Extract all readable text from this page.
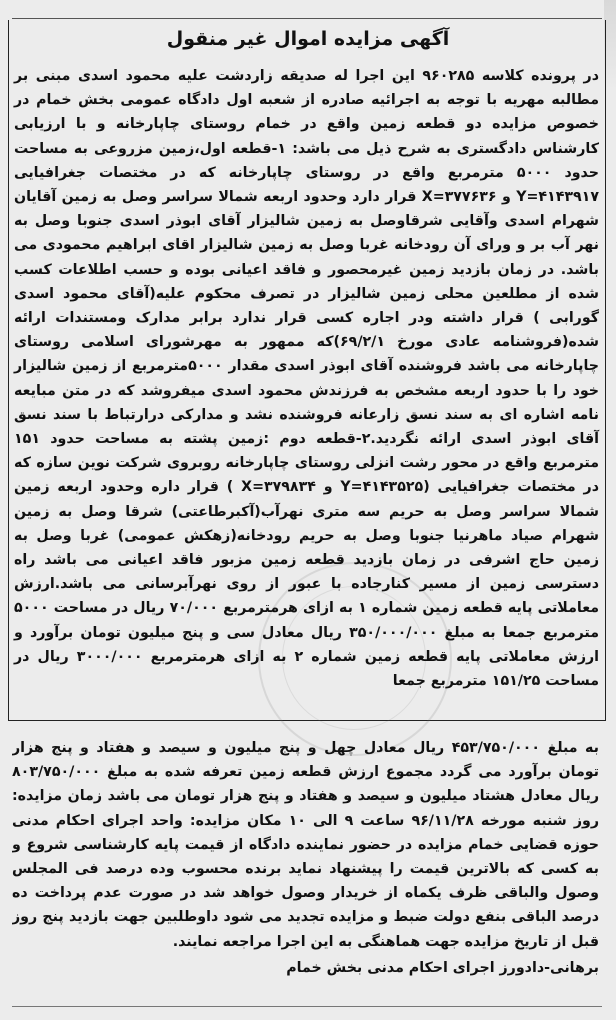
آگهی مزایده اموال غیر منقول
در پرونده کلاسه ۹۶۰۲۸۵ این اجرا له صدیقه زاردشت علیه محمود اسدی مبنی بر مطالبه مهریه با توجه به اجرائیه صادره از شعبه اول دادگاه عمومی بخش خمام در خصوص مزایده دو قطعه زمین واقع در خمام روستای چاپارخانه و با ارزیابی کارشناس دادگستری به شرح ذیل می باشد: ۱-قطعه اول،زمین مزروعی به مساحت حدود ۵۰۰۰ مترمربع واقع در روستای چاپارخانه که در مختصات جغرافیایی Y=۴۱۴۳۹۱۷ و X=۳۷۷۶۳۶ قرار دارد وحدود اربعه شمالا سراسر وصل به زمین آقایان شهرام اسدی وآقایی شرقاوصل به زمین شالیزار آقای ابوذر اسدی جنوبا وصل به نهر آب بر و ورای آن رودخانه غربا وصل به زمین شالیزار اقای ابراهیم محمودی می باشد. در زمان بازدید زمین غیرمحصور و فاقد اعیانی بوده و حسب اطلاعات کسب شده از مطلعین محلی زمین شالیزار در تصرف محکوم علیه(آقای محمود اسدی گورابی ) قرار داشته ودر اجاره کسی قرار ندارد برابر مدارک ومستندات ارائه شده(فروشنامه عادی مورخ ۶۹/۲/۱)که ممهور به مهرشورای اسلامی روستای چاپارخانه می باشد فروشنده آقای ابوذر اسدی مقدار ۵۰۰۰مترمربع از زمین شالیزار خود را با حدود اربعه مشخص به فرزندش محمود اسدی میفروشد که در متن مبایعه نامه اشاره ای به سند نسق زارعانه فروشنده نشد و مدارکی درارتباط با سند نسق آقای ابوذر اسدی ارائه نگردید.۲-قطعه دوم :زمین پشته به مساحت حدود ۱۵۱ مترمربع واقع در محور رشت انزلی روستای چاپارخانه روبروی شرکت نوین سازه که در مختصات جغرافیایی (Y=۴۱۴۳۵۲۵ و X=۳۷۹۸۳۴ ) قرار داره وحدود اربعه زمین شمالا سراسر وصل به حریم سه متری نهرآب(آکبرطاعتی) شرقا وصل به زمین شهرام صیاد ماهرنیا جنوبا وصل به حریم رودخانه(زهکش عمومی) غربا وصل به زمین حاج اشرفی در زمان بازدید قطعه زمین مزبور فاقد اعیانی می باشد راه دسترسی زمین از مسیر کنارجاده با عبور از روی نهرآبرسانی می باشد.ارزش معاملاتی پایه قطعه زمین شماره ۱ به ازای هرمترمربع ۷۰/۰۰۰ ریال در مساحت ۵۰۰۰ مترمربع جمعا به مبلغ ۳۵۰/۰۰۰/۰۰۰ ریال معادل سی و پنج میلیون تومان برآورد و ارزش معاملاتی پایه قطعه زمین شماره ۲ به ازای هرمترمربع ۳۰۰۰/۰۰۰ ریال در مساحت ۱۵۱/۲۵ مترمربع جمعا
به مبلغ ۴۵۳/۷۵۰/۰۰۰ ریال معادل چهل و پنج میلیون و سیصد و هفتاد و پنج هزار تومان برآورد می گردد مجموع ارزش قطعه زمین تعرفه شده به مبلغ ۸۰۳/۷۵۰/۰۰۰ ریال معادل هشتاد میلیون و سیصد و هفتاد و پنج هزار تومان می باشد زمان مزایده: روز شنبه مورخه ۹۶/۱۱/۲۸ ساعت ۹ الی ۱۰ مکان مزایده: واحد اجرای احکام مدنی حوزه قضایی خمام مزایده در حضور نماینده دادگاه از قیمت پایه کارشناسی شروع و به کسی که بالاترین قیمت را پیشنهاد نماید برنده محسوب وده درصد فی المجلس وصول والباقی ظرف یکماه از خریدار وصول خواهد شد در صورت عدم پرداخت ده درصد الباقی بنفع دولت ضبط و مزایده تجدید می شود داوطلبین جهت بازدید پنج روز قبل از تاریخ مزایده جهت هماهنگی به این اجرا مراجعه نمایند.
برهانی-دادورز اجرای احکام مدنی بخش خمام
